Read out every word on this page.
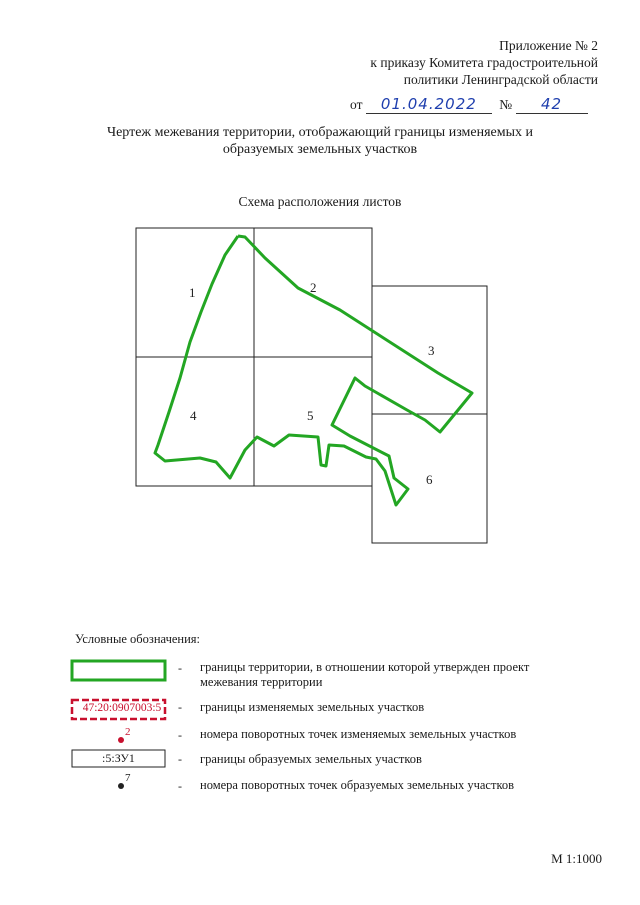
Приложение № 2
к приказу Комитета градостроительной
политики Ленинградской области
от 01.04.2022 № 42
Чертеж межевания территории, отображающий границы изменяемых и
образуемых земельных участков
Схема расположения листов
1	2
3
4	5
6
Условные обозначения:
47:20:0907003:5
2
:5:ЗУ1
7
-
-
-
-
-
границы территории, в отношении которой утвержден проект
межевания территории
границы изменяемых земельных участков
номера поворотных точек изменяемых земельных участков
границы образуемых земельных участков
номера поворотных точек образуемых земельных участков
М 1:1000
